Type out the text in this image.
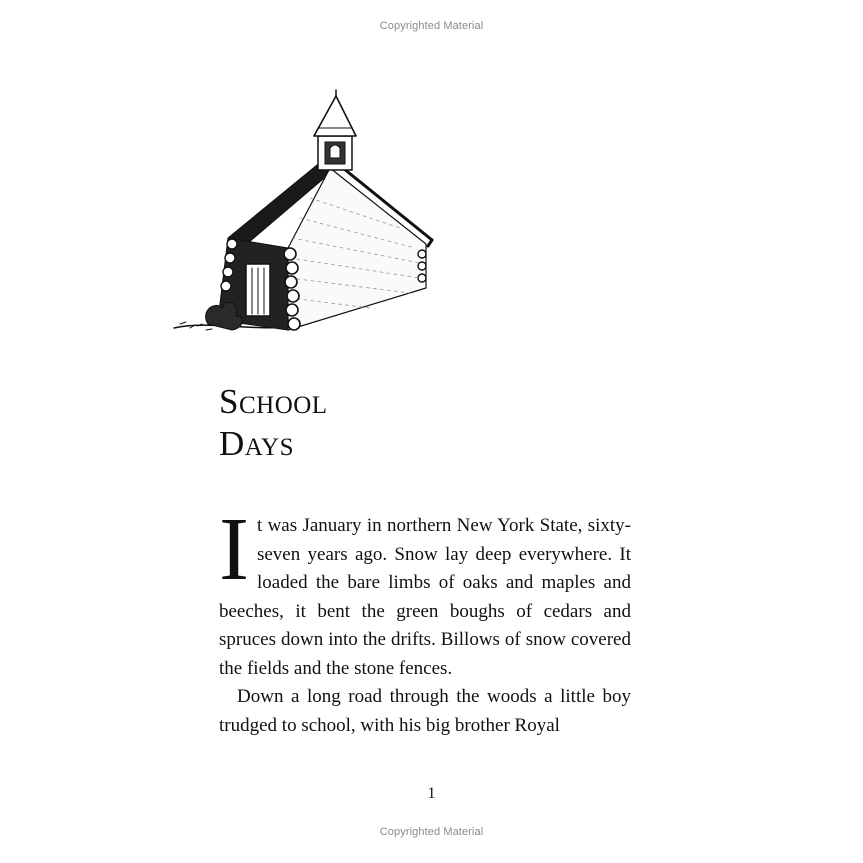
Copyrighted Material
School
Days

It was January in northern New York State, sixty-seven years ago. Snow lay deep everywhere. It loaded the bare limbs of oaks and maples and beeches, it bent the green boughs of cedars and spruces down into the drifts. Billows of snow covered the fields and the stone fences.

Down a long road through the woods a little boy trudged to school, with his big brother Royal

1
Copyrighted Material
